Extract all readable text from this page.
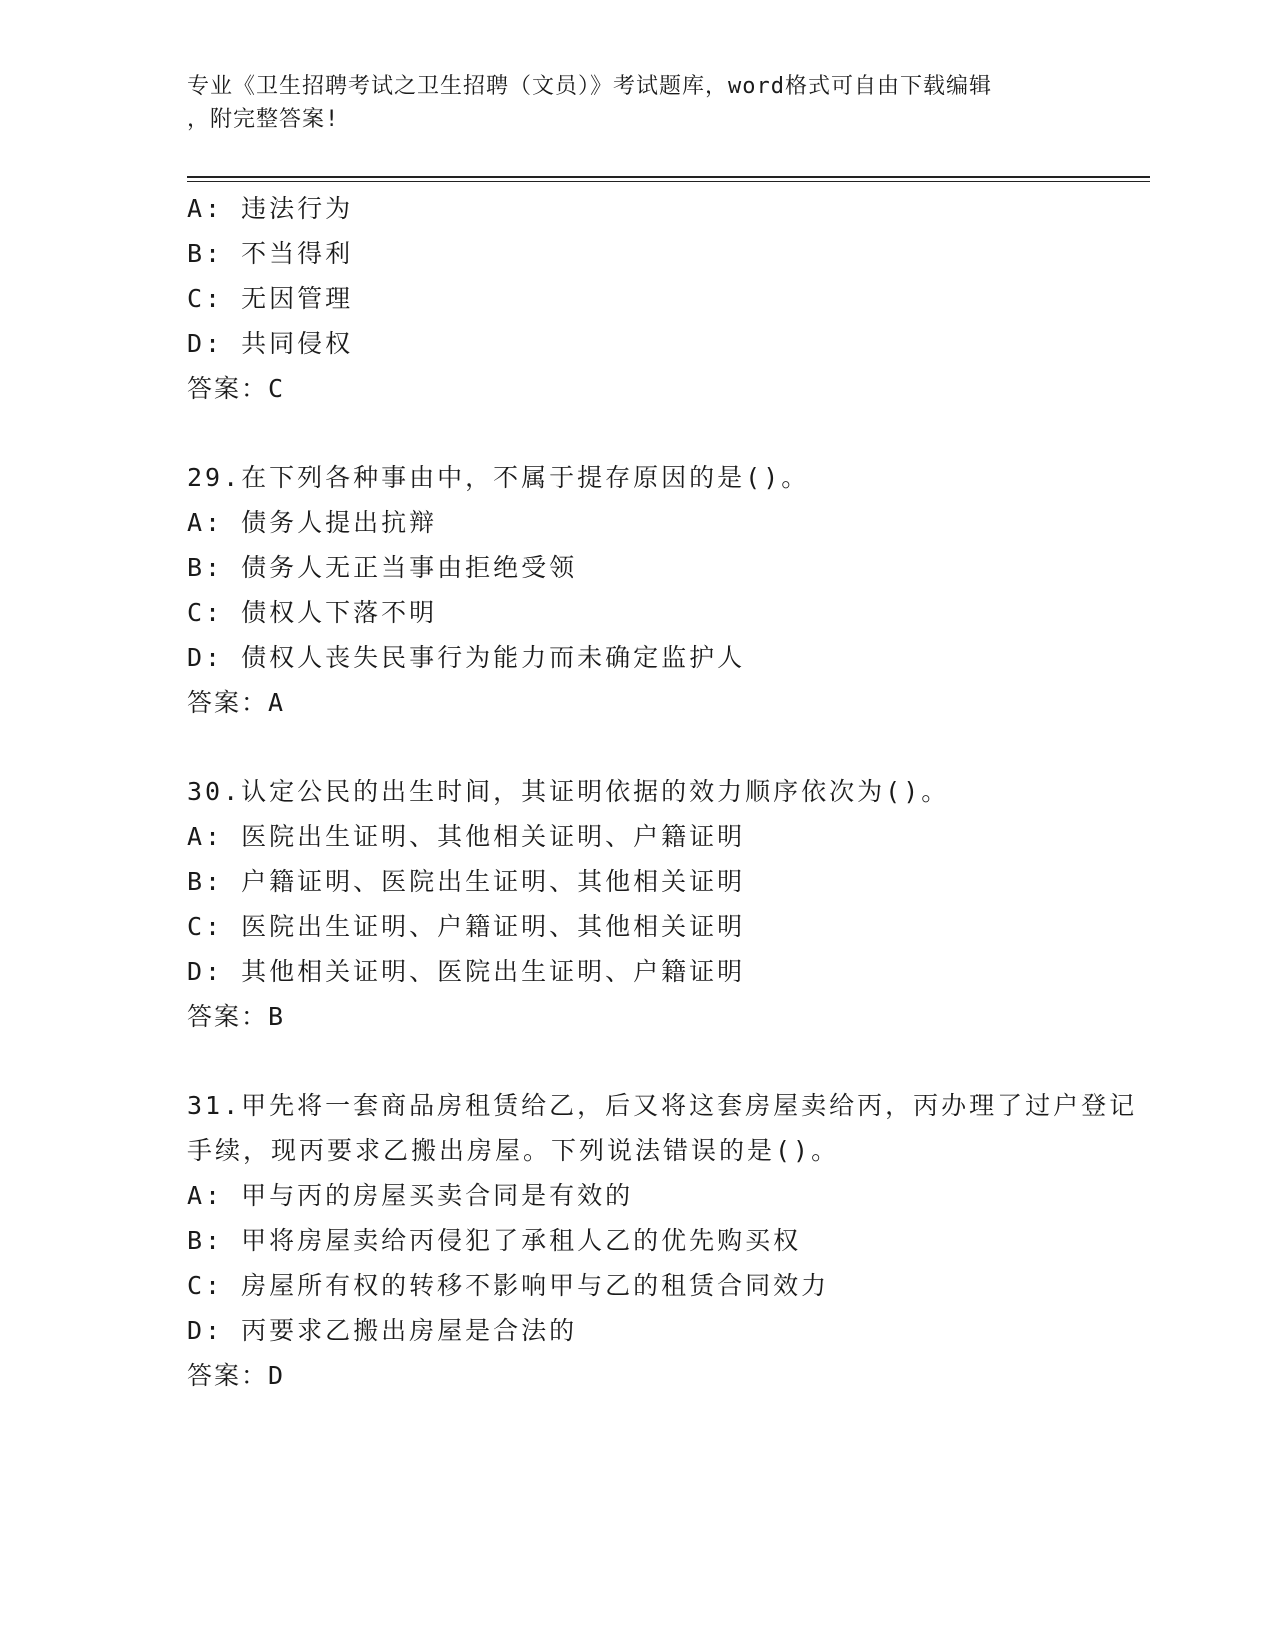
专业《卫生招聘考试之卫生招聘（文员）》考试题库，word格式可自由下载编辑
，附完整答案!
A: 违法行为
B: 不当得利
C: 无因管理
D: 共同侵权
答案：C
29.在下列各种事由中，不属于提存原因的是()。
A: 债务人提出抗辩
B: 债务人无正当事由拒绝受领
C: 债权人下落不明
D: 债权人丧失民事行为能力而未确定监护人
答案：A
30.认定公民的出生时间，其证明依据的效力顺序依次为()。
A: 医院出生证明、其他相关证明、户籍证明
B: 户籍证明、医院出生证明、其他相关证明
C: 医院出生证明、户籍证明、其他相关证明
D: 其他相关证明、医院出生证明、户籍证明
答案：B
31.甲先将一套商品房租赁给乙，后又将这套房屋卖给丙，丙办理了过户登记手续，现丙要求乙搬出房屋。下列说法错误的是()。
A: 甲与丙的房屋买卖合同是有效的
B: 甲将房屋卖给丙侵犯了承租人乙的优先购买权
C: 房屋所有权的转移不影响甲与乙的租赁合同效力
D: 丙要求乙搬出房屋是合法的
答案：D
